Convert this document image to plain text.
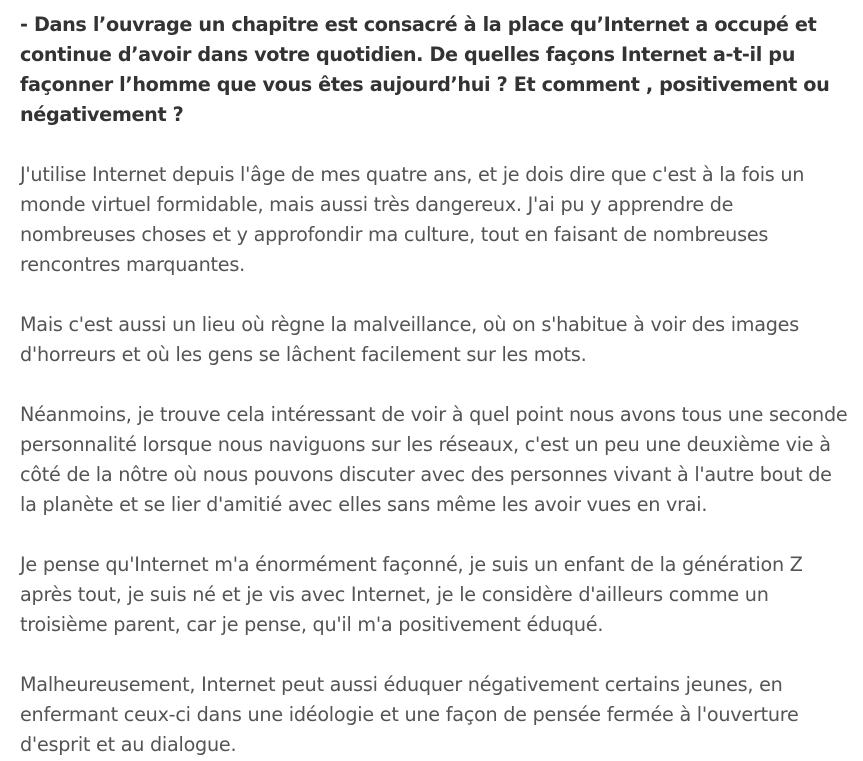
- Dans l’ouvrage un chapitre est consacré à la place qu’Internet a occupé et continue d’avoir dans votre quotidien. De quelles façons Internet a-t-il pu façonner l’homme que vous êtes aujourd’hui ? Et comment , positivement ou négativement ?

J'utilise Internet depuis l'âge de mes quatre ans, et je dois dire que c'est à la fois un monde virtuel formidable, mais aussi très dangereux. J'ai pu y apprendre de nombreuses choses et y approfondir ma culture, tout en faisant de nombreuses rencontres marquantes.

Mais c'est aussi un lieu où règne la malveillance, où on s'habitue à voir des images d'horreurs et où les gens se lâchent facilement sur les mots.

Néanmoins, je trouve cela intéressant de voir à quel point nous avons tous une seconde personnalité lorsque nous naviguons sur les réseaux, c'est un peu une deuxième vie à côté de la nôtre où nous pouvons discuter avec des personnes vivant à l'autre bout de la planète et se lier d'amitié avec elles sans même les avoir vues en vrai.

Je pense qu'Internet m'a énormément façonné, je suis un enfant de la génération Z après tout, je suis né et je vis avec Internet, je le considère d'ailleurs comme un troisième parent, car je pense, qu'il m'a positivement éduqué.

Malheureusement, Internet peut aussi éduquer négativement certains jeunes, en enfermant ceux-ci dans une idéologie et une façon de pensée fermée à l'ouverture d'esprit et au dialogue.
